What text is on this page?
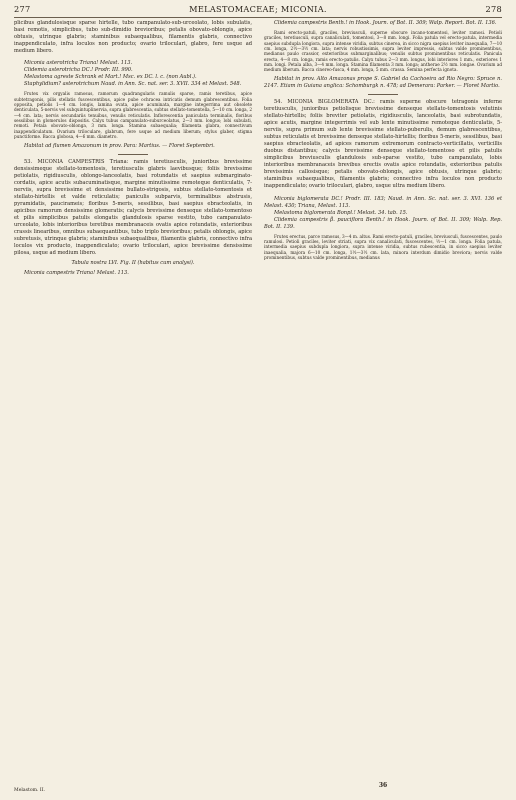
277	MELASTOMACEAE; MICONIA.	278

plicibus glandulosisque sparse hirtelle, tubo campanulato-sub-urceolato, lobis subulatis, basi remotis, simplicibus, tubo sub-dimidio brevioribus; petalis obovato-oblongis, apice obtusis, utrinque glabris; staminibus subaequalibus, filamentis glabris, connectivo inappendiculato, infra loculos non producto; ovario triloculari, glabro, fere usque ad medium libero.

Miconia asterotricha Triana! Melast. 113.

Clidemia asterotricha DC.! Prodr. III. 990.

Melastoma agreste Schrank et Mart.! Msc. ex DC. l. c. (non Aubl.).

Staphylidium? asterotrichum Naud. in Ann. Sc. nat. ser. 3. XVII. 334 et Melast. 548.

Frutex vix orgyalis ramosus, ramorum quadrangularis ramulis sparse, ramis teretibus, apice subtetragonis, pilis stellatis fuscescentibus, apice pube ochracea intricatis demum glabrescentibus. Folia opposita, petiolis 1—4 cm. longis, lamina ovata, apice acuminata, margine integerrima aut obsolete denticulata, 5-nervis vel subquintuplinervia, supra glabrescentia, subtus stellato-tomentella, 5—10 cm. longa, 2—4 cm. lata; nervis secundariis tenuibus, venulis reticulatis. Inflorescentia paniculata terminalis, floribus sessilibus in glomerulos dispositis. Calyx tubus campanulato-suburceolatus, 2—3 mm. longus; lobi subulati, remoti. Petala obovato-oblonga, 3 mm. longa. Stamina subaequalia; filamenta glabra, connectivum inappendiculatum. Ovarium triloculare, glabrum, fere usque ad medium liberum; stylus glaber, stigma punctiforme. Bacca globosa, 4—6 mm. diametro.

Habitat ad flumen Amazonum in prov. Para: Martius. — Floret Septembri.

53. MICONIA CAMPESTRIS Triana: ramis teretiusculis, junioribus brevissime densissimeque stellato-tomentosis, teretiusculis glabris laevibusque; foliis brevissime petiolatis, rigidiusculis, oblongo-lanceolatis, basi rotundatis et saepius submarginato-cordatis, apice acutis subacuminatisque, margine minutissime remoteque denticulatis, 7-nerviis, supra brevissime et densissime bullato-strigosis, subtus stellato-tomentosis et stellato-hirtellis et valde reticulatis; paniculis subparvis, terminalibus abstrusis, pyramidatis, paucirameis; floribus 5-meris, sessilibus, basi saepius ebracteolatis, in apicibus ramorum densissime glomeratis; calycis brevissime denseque stellato-tomentoso et pilis simplicibus patulis elongatis glandulosis sparse vestito, tubo campanulato-urceolato, lobis interioribus teretibus membranaceis ovatis apice rotundatis, exterioribus crassis linearibus, omnibus subaequantibus, tubo triplo brevioribus; petalis oblongis, apice subretusis, utrinque glabris; staminibus subaequalibus, filamentis glabris, connectivo infra loculos vix producto, inappendiculato; ovario triloculari, apice brevissime densissime pilosa, usque ad medium libero.

Tabula nostra LVI. Fig. II (habitus cum analysi).

Miconia campestris Triana! Melast. 113.

Clidemia campestris Benth.! in Hook. Journ. of Bot. II. 309; Walp. Report. Bot. II. 136.

Rami erecto-patuli, graciles, breviusculi, superne obscure incano-tomentosi, leviter ramosi. Petioli graciles, teretiusculi, supra canaliculati, tomentosi, 3—8 mm. longi. Folia patula vel erecto-patula, intermedia saepius subdupla longiora, supra intense viridia, subtus cinerea, in sicco nigra saepius leviter inaequalia, 7—10 cm. longa, 2½—3½ cm. lata; nervis robustissimis, supra leviter impressis, subtus valde prominentibus, medianus paulo crassior, exterioribus submarginalibus; venulis subtus prominentibus reticulatis. Panicula erecta, 4—8 cm. longa, ramis erecto-patulis. Calyx tubus 2—3 mm. longus, lobi interiores 1 mm., exteriores 1 mm. longi. Petala alba, 3—4 mm. longa. Stamina filamenta 3 mm. longa; antherae 2½ mm. longae. Ovarium ad medium liberum. Bacca cinereo-fusca, 4 mm. longa, 5 mm. crassa. Semina perfecta ignota.

Habitat in prov. Alto Amazonas prope S. Gabriel da Cachoeira ad Rio Negro: Spruce n. 2147. Etiam in Guiana anglica: Schomburgk n. 478; ad Demerara: Parker. — Floret Martio.

54. MICONIA BIGLOMERATA DC.: ramis superne obscure tetragonis inferne teretiusculis, junioribus petiolisque brevissime denseque stellato-tomentosis velutinis stellato-hirtellis; foliis breviter petiolatis, rigidiusculis, lanceolatis, basi subrotundatis, apice acutis, margine integerrimis vel sub lente minutissime remoteque denticulatis, 5-nerviis, supra primum sub lente brevissime stellato-puberulis, demum glabrescentibus, subtus reticulatis et brevissime denseque stellato-hirtellis; floribus 5-meris, sessilibus, basi saepius ebracteolatis, ad apices ramorum extremorum contracto-verticillatis, verticillis duobus distantibus; calycis brevissime denseque stellato-tomentoso et pilis patulis simplicibus breviusculis glandulosis sub-sparse vestito, tubo campanulato, lobis interioribus membranaceis brevibus erectis ovatis apice rotundatis, exterioribus patulis brevissimis callosisque; petalis obovato-oblongis, apice obtusis, utrinque glabris; staminibus subaequalibus, filamentis glabris; connectivo infra loculos non producto inappendiculato; ovario triloculari, glabro, usque ultra medium libero.

Miconia biglomerata DC.! Prodr. III. 183; Naud. in Ann. Sc. nat. ser. 3. XVI. 136 et Melast. 430; Triana, Melast. 113.

Melastoma biglomerata Bonpl.! Melast. 34. tab. 15.

Clidemia campestris β. pauciflora Benth.! in Hook. Journ. of Bot. II. 309; Walp. Rep. Bot. II. 139.

Frutex erectus, parce ramosus, 3—4 m. altus. Rami erecto-patuli, graciles, breviusculi, fuscescentes, paulo ramulosi. Petioli graciles, leviter striati, supra vix canaliculati, fuscescentes, ½—1 cm. longa. Folia patula, intermedia saepius subdupla longiora, supra intense viridia, subtus rubescentia, in sicco saepius leviter inaequalia, majora 6—10 cm. longa, 1½—3½ cm. lata, minora interdum dimidio breviora; nervis valde prominentibus, subtus valde prominentibus, medianus

Melastom. II.
36
